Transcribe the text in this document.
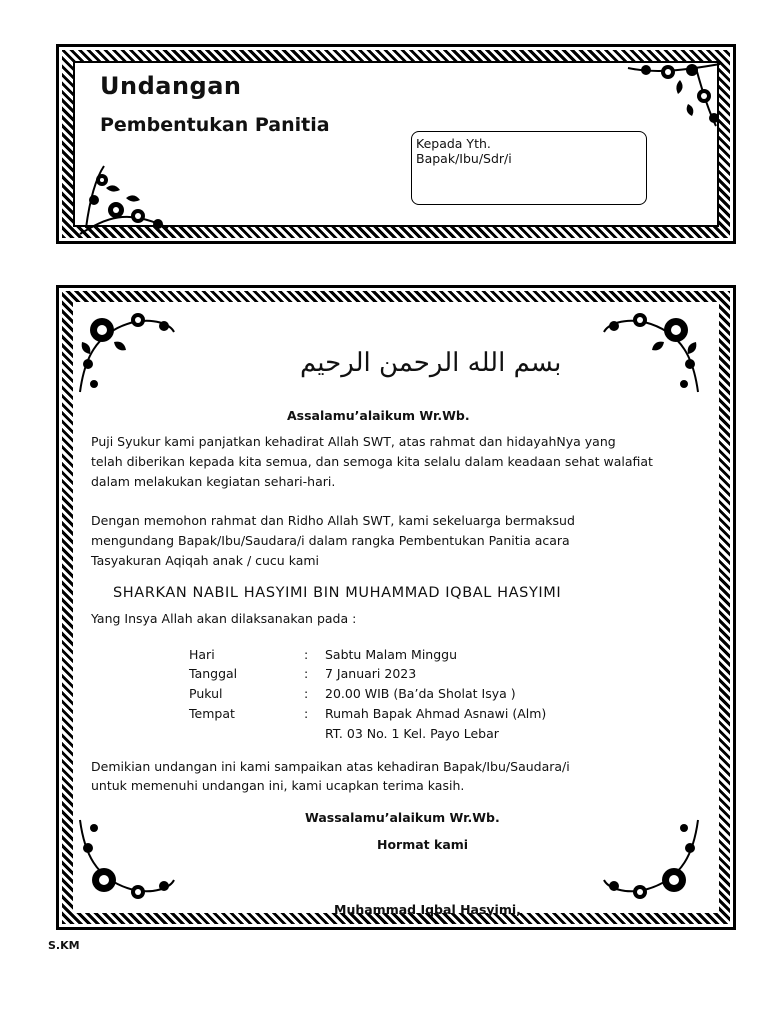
Undangan
Pembentukan Panitia
Kepada Yth.
Bapak/Ibu/Sdr/i
بسم الله الرحمن الرحيم
Assalamu’alaikum Wr.Wb.
Puji Syukur kami panjatkan kehadirat Allah SWT, atas rahmat dan hidayahNya yang
telah diberikan kepada kita semua, dan semoga kita selalu dalam keadaan sehat walafiat
dalam melakukan kegiatan sehari-hari.
Dengan memohon rahmat dan Ridho Allah SWT, kami sekeluarga bermaksud
mengundang Bapak/Ibu/Saudara/i dalam rangka Pembentukan Panitia acara
Tasyakuran Aqiqah anak / cucu kami
SHARKAN NABIL HASYIMI BIN MUHAMMAD IQBAL HASYIMI
Yang Insya Allah akan dilaksanakan pada :
Hari	: Sabtu Malam Minggu
Tanggal	: 7 Januari 2023
Pukul	: 20.00 WIB (Ba’da Sholat Isya )
Tempat	: Rumah Bapak Ahmad Asnawi (Alm)
RT. 03 No. 1 Kel. Payo Lebar
Demikian undangan ini kami sampaikan atas kehadiran Bapak/Ibu/Saudara/i
untuk memenuhi undangan ini, kami ucapkan terima kasih.
Wassalamu’alaikum Wr.Wb.
Hormat kami
Muhammad Iqbal Hasyimi,
S.KM
